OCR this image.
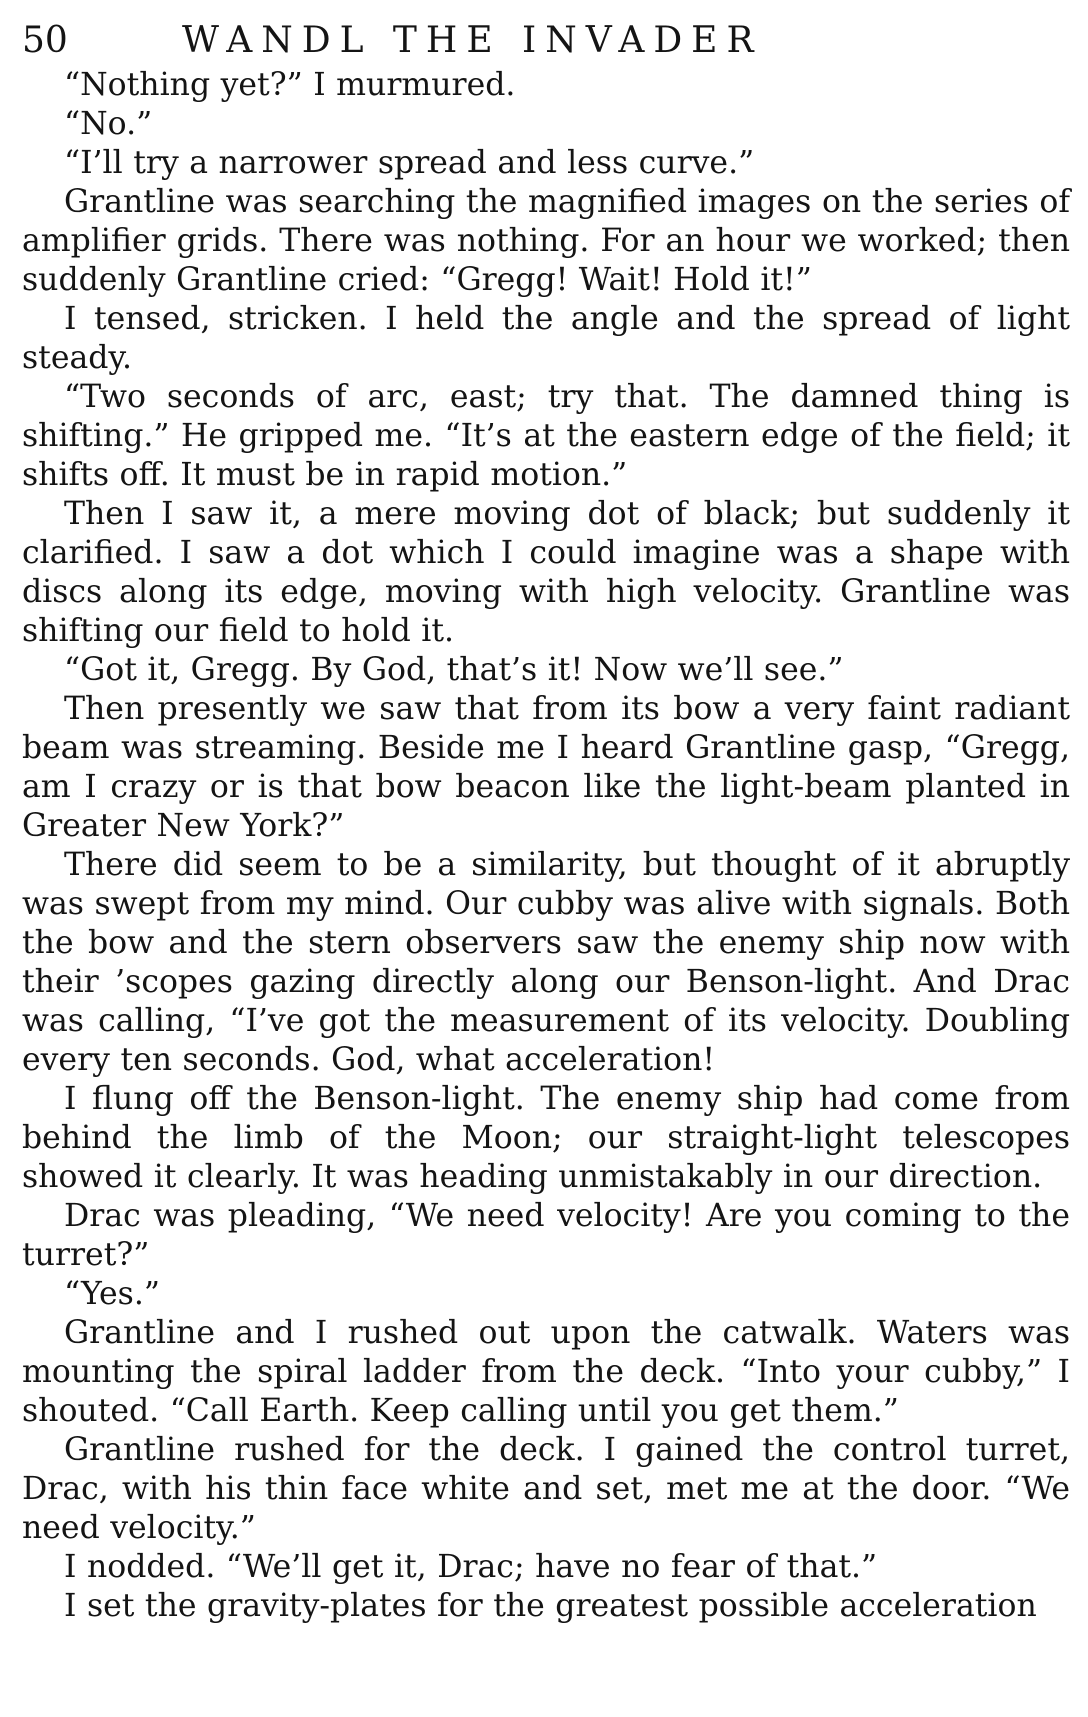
50	WANDL THE INVADER

“Nothing yet?” I murmured.

“No.”

“I’ll try a narrower spread and less curve.”

Grantline was searching the magnified images on the series of amplifier grids. There was nothing. For an hour we worked; then suddenly Grantline cried: “Gregg! Wait! Hold it!”

I tensed, stricken. I held the angle and the spread of light steady.

“Two seconds of arc, east; try that. The damned thing is shifting.” He gripped me. “It’s at the eastern edge of the field; it shifts off. It must be in rapid motion.”

Then I saw it, a mere moving dot of black; but suddenly it clarified. I saw a dot which I could imagine was a shape with discs along its edge, moving with high velocity. Grantline was shifting our field to hold it.

“Got it, Gregg. By God, that’s it! Now we’ll see.”

Then presently we saw that from its bow a very faint radiant beam was streaming. Beside me I heard Grantline gasp, “Gregg, am I crazy or is that bow beacon like the light-beam planted in Greater New York?”

There did seem to be a similarity, but thought of it abruptly was swept from my mind. Our cubby was alive with signals. Both the bow and the stern observers saw the enemy ship now with their ’scopes gazing directly along our Benson-light. And Drac was calling, “I’ve got the measurement of its velocity. Doubling every ten seconds. God, what acceleration!

I flung off the Benson-light. The enemy ship had come from behind the limb of the Moon; our straight-light telescopes showed it clearly. It was heading unmistakably in our direction.

Drac was pleading, “We need velocity! Are you coming to the turret?”

“Yes.”

Grantline and I rushed out upon the catwalk. Waters was mounting the spiral ladder from the deck. “Into your cubby,” I shouted. “Call Earth. Keep calling until you get them.”

Grantline rushed for the deck. I gained the control turret, Drac, with his thin face white and set, met me at the door. “We need velocity.”

I nodded. “We’ll get it, Drac; have no fear of that.”

I set the gravity-plates for the greatest possible acceleration
